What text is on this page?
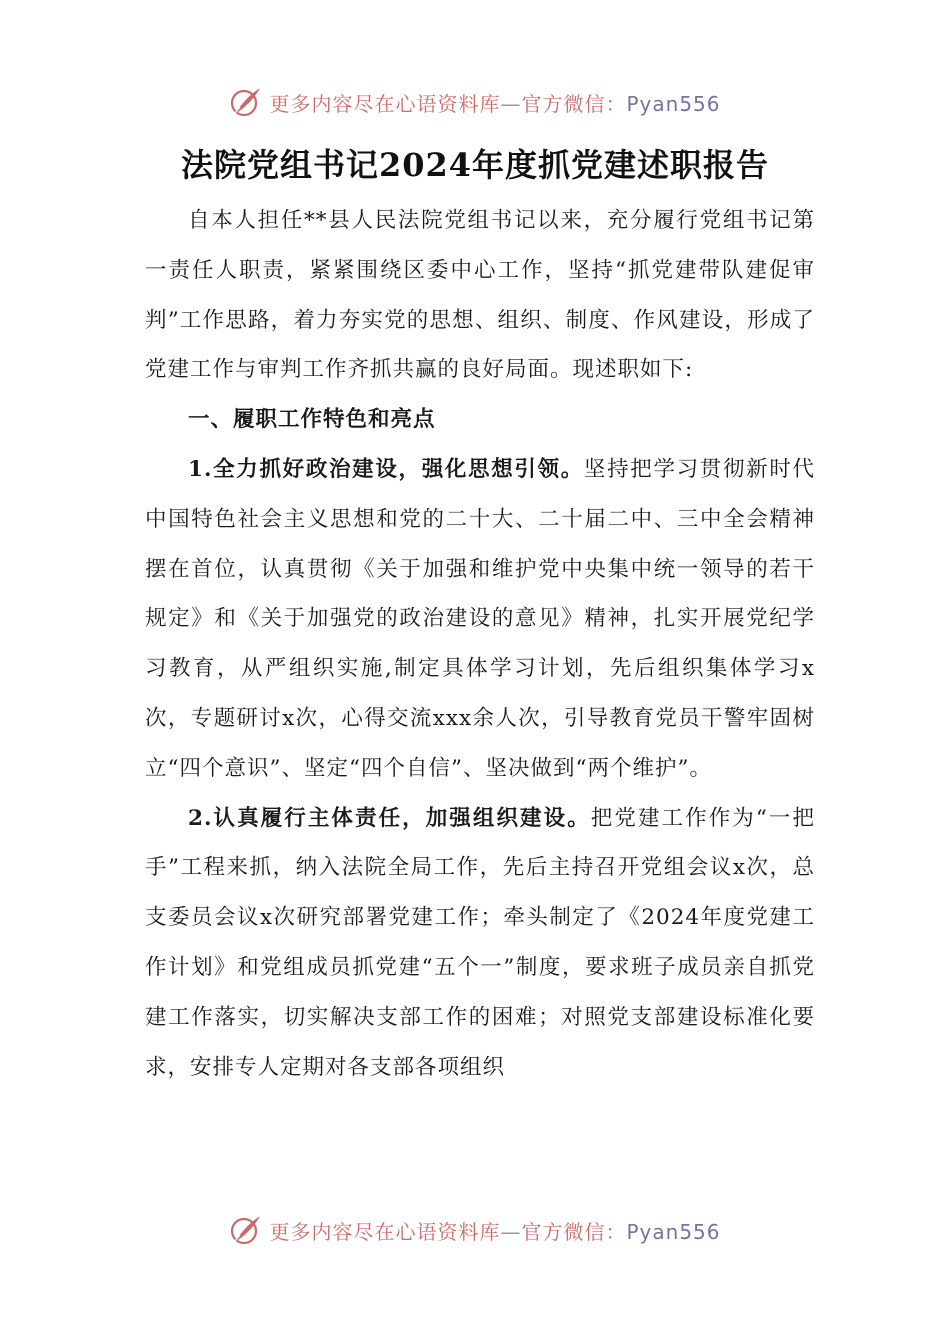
更多内容尽在心语资料库—官方微信：Pyan556
法院党组书记2024年度抓党建述职报告

自本人担任**县人民法院党组书记以来，充分履行党组书记第一责任人职责，紧紧围绕区委中心工作，坚持“抓党建带队建促审判”工作思路，着力夯实党的思想、组织、制度、作风建设，形成了党建工作与审判工作齐抓共赢的良好局面。现述职如下:

一、履职工作特色和亮点

1.全力抓好政治建设，强化思想引领。坚持把学习贯彻新时代中国特色社会主义思想和党的二十大、二十届二中、三中全会精神摆在首位，认真贯彻《关于加强和维护党中央集中统一领导的若干规定》和《关于加强党的政治建设的意见》精神，扎实开展党纪学习教育，从严组织实施,制定具体学习计划，先后组织集体学习x次，专题研讨x次，心得交流xxx余人次，引导教育党员干警牢固树立“四个意识”、坚定“四个自信”、坚决做到“两个维护”。

2.认真履行主体责任，加强组织建设。把党建工作作为“一把手”工程来抓，纳入法院全局工作，先后主持召开党组会议x次，总支委员会议x次研究部署党建工作；牵头制定了《2024年度党建工作计划》和党组成员抓党建“五个一”制度，要求班子成员亲自抓党建工作落实，切实解决支部工作的困难；对照党支部建设标准化要求，安排专人定期对各支部各项组织

更多内容尽在心语资料库—官方微信：Pyan556
